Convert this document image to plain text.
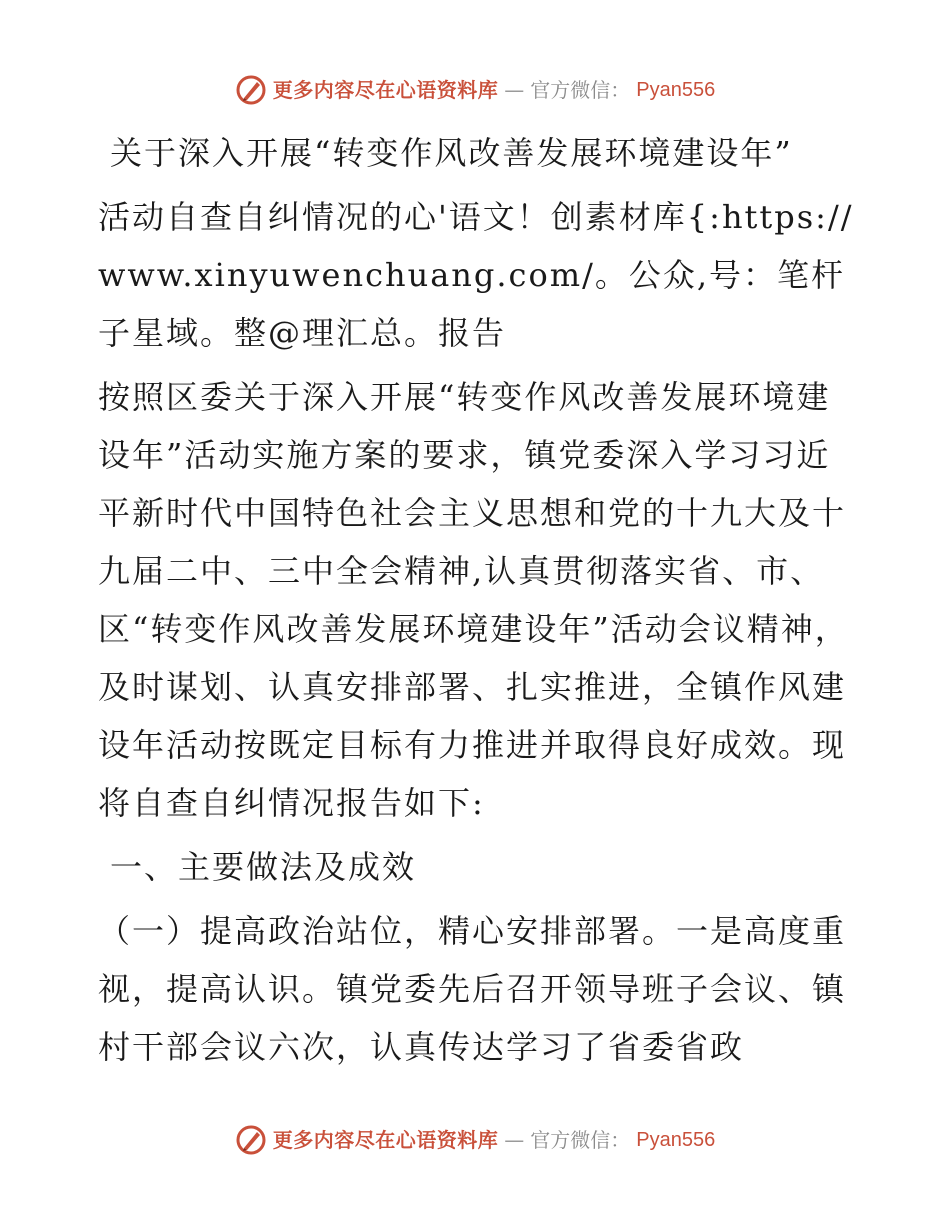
更多内容尽在心语资料库 — 官方微信： Pyan556

关于深入开展“转变作风改善发展环境建设年”

活动自查自纠情况的心'语文！创素材库{:https://www.xinyuwenchuang.com/。公众,号：笔杆子星域。整@理汇总。报告

按照区委关于深入开展“转变作风改善发展环境建设年”活动实施方案的要求，镇党委深入学习习近平新时代中国特色社会主义思想和党的十九大及十九届二中、三中全会精神,认真贯彻落实省、市、区“转变作风改善发展环境建设年”活动会议精神，及时谋划、认真安排部署、扎实推进，全镇作风建设年活动按既定目标有力推进并取得良好成效。现将自查自纠情况报告如下:

一、主要做法及成效

（一）提高政治站位，精心安排部署。一是高度重视，提高认识。镇党委先后召开领导班子会议、镇村干部会议六次，认真传达学习了省委省政

更多内容尽在心语资料库 — 官方微信： Pyan556
